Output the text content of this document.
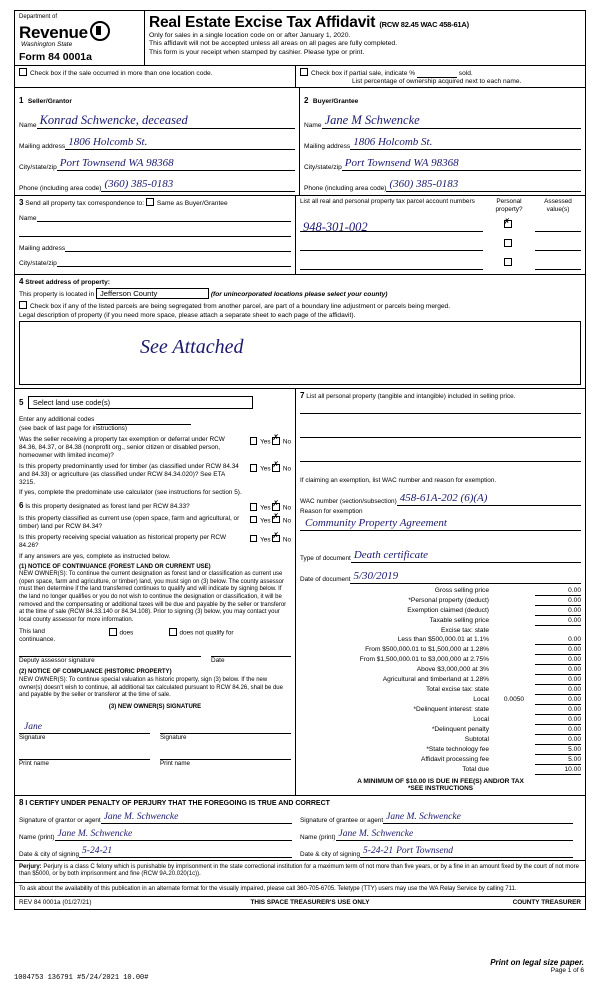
Department of
Revenue
Washington State
Form 84 0001a
Real Estate Excise Tax Affidavit (RCW 82.45 WAC 458-61A)
Only for sales in a single location code on or after January 1, 2020.
This affidavit will not be accepted unless all areas on all pages are fully completed.
This form is your receipt when stamped by cashier. Please type or print.
Check box if the sale occurred in more than one location code.	Check box if partial sale, indicate %	sold.
List percentage of ownership acquired next to each name.
1 Seller/Grantor
Name Konrad Schwencke, deceased
Mailing address 1806 Holcomb St.
City/state/zip Port Townsend WA 98368
Phone (including area code) (360) 385-0183
2 Buyer/Grantee
Name Jane M Schwencke
Mailing address 1806 Holcomb St.
City/state/zip Port Townsend WA 98368
Phone (including area code) (360) 385-0183
3 Send all property tax correspondence to: Same as Buyer/Grantee
Name
Mailing address
City/state/zip
List all real and personal property tax parcel account numbers	Personal property?
Assessed value(s)
948-301-002	✗
4 Street address of property:
This property is located in Jefferson County	(for unincorporated locations please select your county)
Check box if any of the listed parcels are being segregated from another parcel, are part of a boundary line adjustment or parcels being merged.
Legal description of property (if you need more space, please attach a separate sheet to each page of the affidavit).
See Attached
5 Select land use code(s)
Enter any additional codes
(see back of last page for instructions)
Was the seller receiving a property tax exemption or deferral under RCW 84.36, 84.37, or 84.38 (nonprofit org., senior citizen or disabled person, homeowner with limited income)?
Yes ✗ No
Is this property predominantly used for timber (as classified under RCW 84.34 and 84.33) or agriculture (as classified under RCW 84.34.020)? See ETA 3215.
Yes ✗ No
If yes, complete the predominate use calculator (see instructions for section 5).
6 Is this property designated as forest land per RCW 84.33?	Yes ✗ No
Is this property classified as current use (open space, farm and agricultural, or timber) land per RCW 84.34?
Yes ✗ No
Is this property receiving special valuation as historical property per RCW 84.26?
Yes ✗ No
If any answers are yes, complete as instructed below.
(1) NOTICE OF CONTINUANCE (FOREST LAND OR CURRENT USE)
NEW OWNER(S): To continue the current designation as forest land or classification as current use (open space, farm and agriculture, or timber) land, you must sign on (3) below. The county assessor must then determine if the land transferred continues to qualify and will indicate by signing below. If the land no longer qualifies or you do not wish to continue the designation or classification, it will be removed and the compensating or additional taxes will be due and payable by the seller or transferor at the time of sale (RCW 84.33.140 or 84.34.108). Prior to signing (3) below, you may contact your local county assessor for more information.
This land
continuance.
does	does not qualify for
Deputy assessor signature	Date
(2) NOTICE OF COMPLIANCE (HISTORIC PROPERTY)
NEW OWNER(S): To continue special valuation as historic property, sign (3) below. If the new owner(s) doesn't wish to continue, all additional tax calculated pursuant to RCW 84.26, shall be due and payable by the seller or transferor at the time of sale.
(3) NEW OWNER(S) SIGNATURE
Jane
Signature	Signature
Print name	Print name
7 List all personal property (tangible and intangible) included in selling price.

If claiming an exemption, list WAC number and reason for exemption.
WAC number (section/subsection) 458-61A-202 (6)(A)
Reason for exemption
Community Property Agreement
Type of document Death certificate
Date of document 5/30/2019
Gross selling price		0.00
*Personal property (deduct)		0.00
Exemption claimed (deduct)		0.00
Taxable selling price		0.00
Excise tax: state		
Less than $500,000.01 at 1.1%		0.00
From $500,000.01 to $1,500,000 at 1.28%		0.00
From $1,500,000.01 to $3,000,000 at 2.75%		0.00
Above $3,000,000 at 3%		0.00
Agricultural and timberland at 1.28%		0.00
Total excise tax: state		0.00
Local	0.0050	0.00
*Delinquent interest: state		0.00
Local		0.00
*Delinquent penalty		0.00
Subtotal		0.00
*State technology fee		5.00
Affidavit processing fee		5.00
Total due		10.00
A MINIMUM OF $10.00 IS DUE IN FEE(S) AND/OR TAX
*SEE INSTRUCTIONS
8 I CERTIFY UNDER PENALTY OF PERJURY THAT THE FOREGOING IS TRUE AND CORRECT
Signature of grantor or agent Jane M. Schwencke
Name (print) Jane M. Schwencke
Date & city of signing 5-24-21
Signature of grantee or agent Jane M. Schwencke
Name (print) Jane M. Schwencke
Date & city of signing 5-24-21 Port Townsend
Perjury: Perjury is a class C felony which is punishable by imprisonment in the state correctional institution for a maximum term of not more than five years, or by a fine in an amount fixed by the court of not more than $5000, or by both imprisonment and fine (RCW 9A.20.020(1c)).
To ask about the availability of this publication in an alternate format for the visually impaired, please call 360-705-6705. Teletype (TTY) users may use the WA Relay Service by calling 711.
REV 84 0001a (01/27/21)	THIS SPACE TREASURER'S USE ONLY	COUNTY TREASURER
1004753 136791 #5/24/2021 10.00#
Print on legal size paper.
Page 1 of 6
